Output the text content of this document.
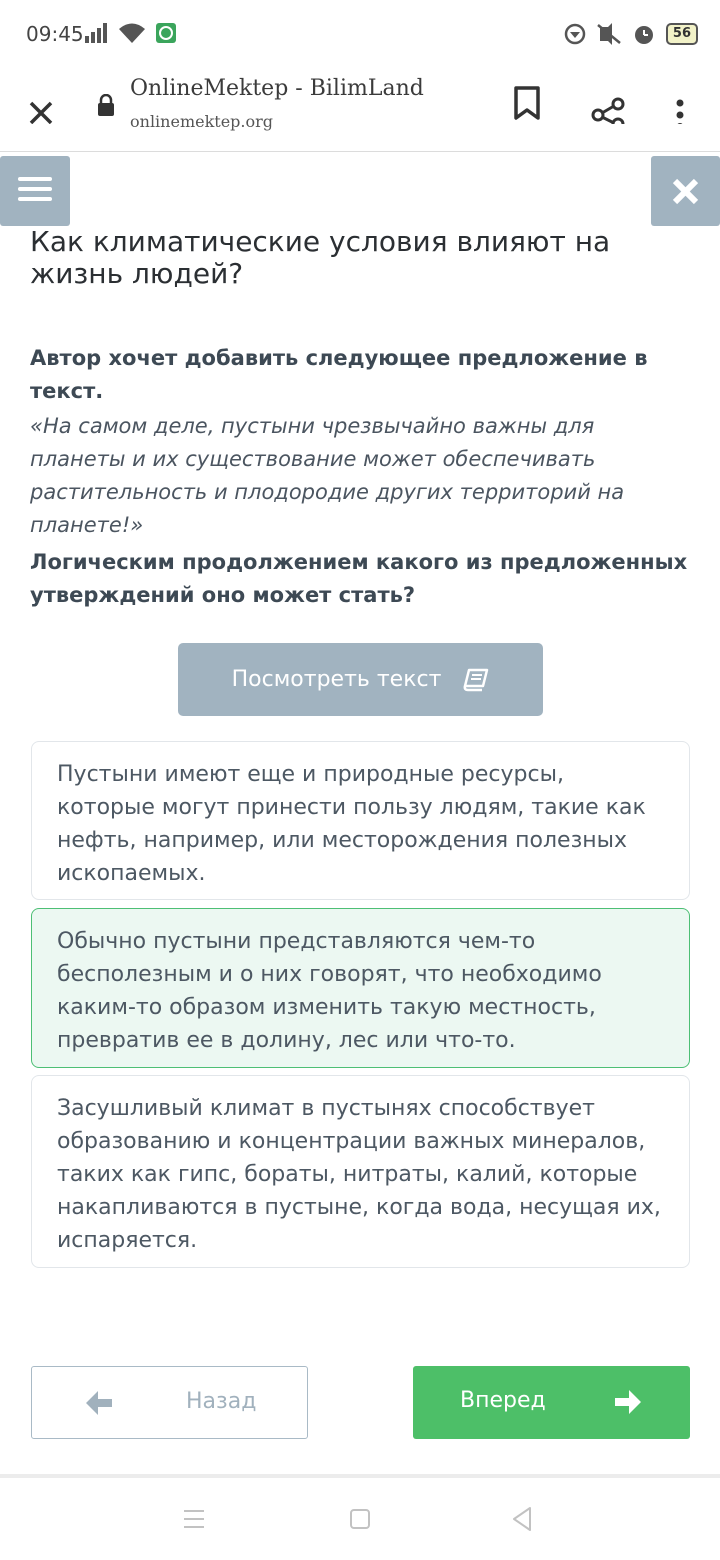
09:45	56
OnlineMektep - BilimLand
onlinemektep.org
Как климатические условия влияют на жизнь людей?

Автор хочет добавить следующее предложение в текст.

«На самом деле, пустыни чрезвычайно важны для планеты и их существование может обеспечивать растительность и плодородие других территорий на планете!»

Логическим продолжением какого из предложенных утверждений оно может стать?

Посмотреть текст
Пустыни имеют еще и природные ресурсы, которые могут принести пользу людям, такие как нефть, например, или месторождения полезных ископаемых.
Обычно пустыни представляются чем-то бесполезным и о них говорят, что необходимо каким-то образом изменить такую местность, превратив ее в долину, лес или что-то.
Засушливый климат в пустынях способствует образованию и концентрации важных минералов, таких как гипс, бораты, нитраты, калий, которые накапливаются в пустыне, когда вода, несущая их, испаряется.
Назад	Вперед
